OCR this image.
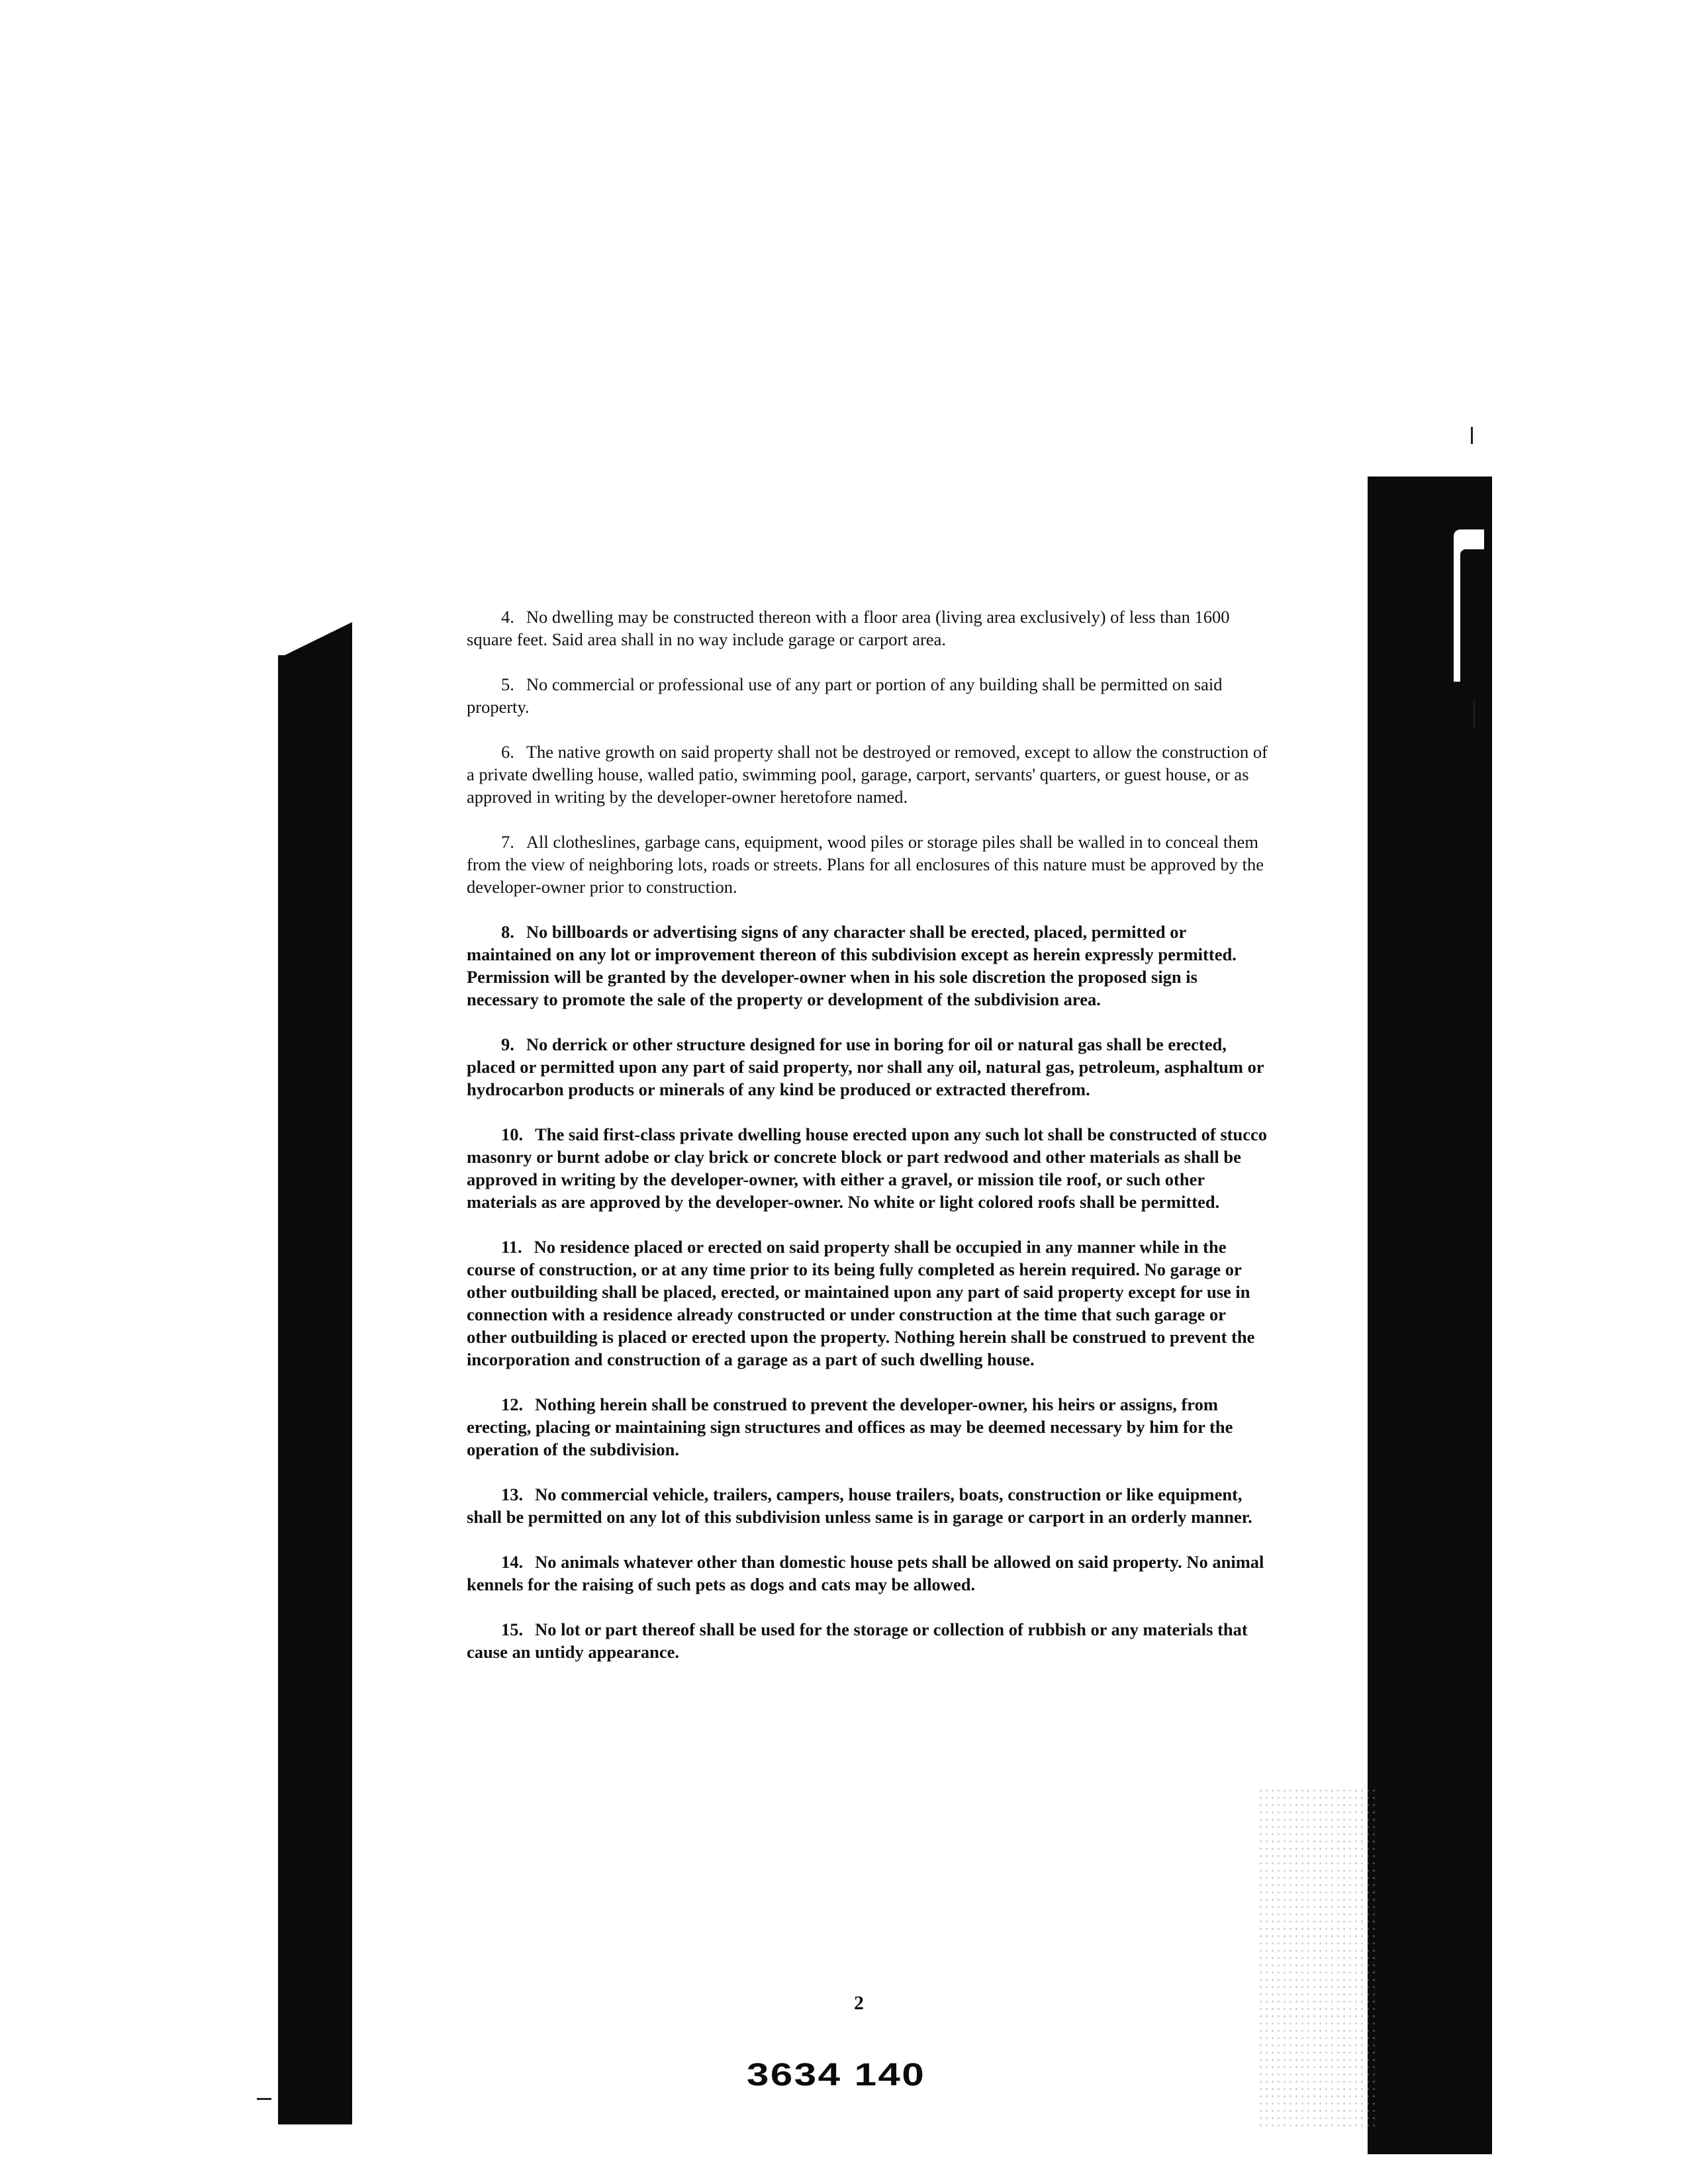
4. No dwelling may be constructed thereon with a floor area (living area exclusively) of less than 1600 square feet. Said area shall in no way include garage or carport area.

5. No commercial or professional use of any part or portion of any building shall be permitted on said property.

6. The native growth on said property shall not be destroyed or removed, except to allow the construction of a private dwelling house, walled patio, swimming pool, garage, carport, servants' quarters, or guest house, or as approved in writing by the developer-owner heretofore named.

7. All clotheslines, garbage cans, equipment, wood piles or storage piles shall be walled in to conceal them from the view of neighboring lots, roads or streets. Plans for all enclosures of this nature must be approved by the developer-owner prior to construction.

8. No billboards or advertising signs of any character shall be erected, placed, permitted or maintained on any lot or improvement thereon of this subdivision except as herein expressly permitted. Permission will be granted by the developer-owner when in his sole discretion the proposed sign is necessary to promote the sale of the property or development of the subdivision area.

9. No derrick or other structure designed for use in boring for oil or natural gas shall be erected, placed or permitted upon any part of said property, nor shall any oil, natural gas, petroleum, asphaltum or hydrocarbon products or minerals of any kind be produced or extracted therefrom.

10. The said first-class private dwelling house erected upon any such lot shall be constructed of stucco masonry or burnt adobe or clay brick or concrete block or part redwood and other materials as shall be approved in writing by the developer-owner, with either a gravel, or mission tile roof, or such other materials as are approved by the developer-owner. No white or light colored roofs shall be permitted.

11. No residence placed or erected on said property shall be occupied in any manner while in the course of construction, or at any time prior to its being fully completed as herein required. No garage or other outbuilding shall be placed, erected, or maintained upon any part of said property except for use in connection with a residence already constructed or under construction at the time that such garage or other outbuilding is placed or erected upon the property. Nothing herein shall be construed to prevent the incorporation and construction of a garage as a part of such dwelling house.

12. Nothing herein shall be construed to prevent the developer-owner, his heirs or assigns, from erecting, placing or maintaining sign structures and offices as may be deemed necessary by him for the operation of the subdivision.

13. No commercial vehicle, trailers, campers, house trailers, boats, construction or like equipment, shall be permitted on any lot of this subdivision unless same is in garage or carport in an orderly manner.

14. No animals whatever other than domestic house pets shall be allowed on said property. No animal kennels for the raising of such pets as dogs and cats may be allowed.

15. No lot or part thereof shall be used for the storage or collection of rubbish or any materials that cause an untidy appearance.

2
3634 140
